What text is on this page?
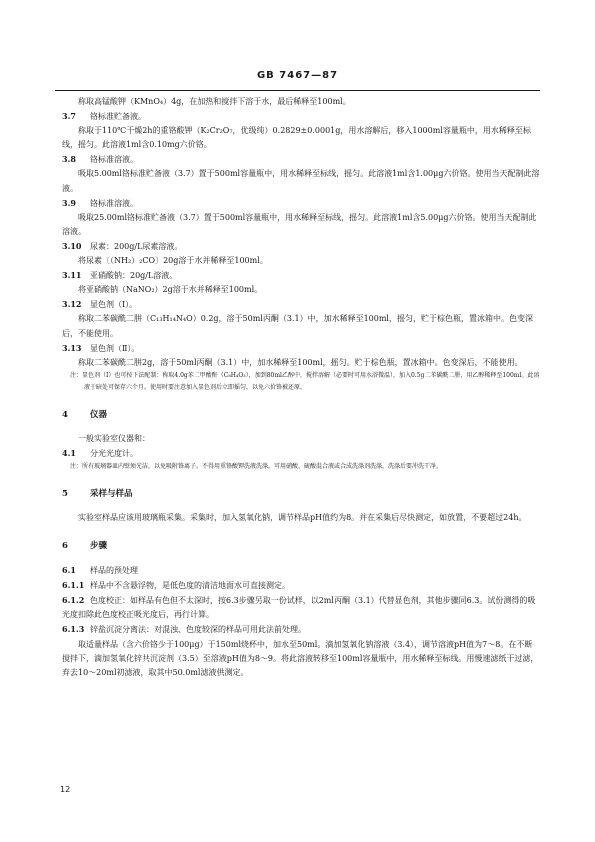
GB 7467—87

称取高锰酸钾（KMnO₄）4g，在加热和搅拌下溶于水，最后稀释至100ml。

3.7 铬标准贮备液。

称取于110℃干燥2h的重铬酸钾（K₂Cr₂O₇，优级纯）0.2829±0.0001g，用水溶解后，移入1000ml容量瓶中，用水稀释至标线，摇匀。此溶液1ml含0.10mg六价铬。

3.8 铬标准溶液。

吸取5.00ml铬标准贮备液（3.7）置于500ml容量瓶中，用水稀释至标线，摇匀。此溶液1ml含1.00μg六价铬。使用当天配制此溶液。

3.9 铬标准溶液。

吸取25.00ml铬标准贮备液（3.7）置于500ml容量瓶中，用水稀释至标线，摇匀。此溶液1ml含5.00μg六价铬。使用当天配制此溶液。

3.10 尿素：200g/L尿素溶液。

将尿素〔（NH₂）₂CO〕20g溶于水并稀释至100ml。

3.11 亚硝酸钠：20g/L溶液。

将亚硝酸钠（NaNO₂）2g溶于水并稀释至100ml。

3.12 显色剂（Ⅰ）。

称取二苯碳酰二肼（C₁₃H₁₄N₄O）0.2g，溶于50ml丙酮（3.1）中，加水稀释至100ml，摇匀，贮于棕色瓶，置冰箱中。色变深后，不能使用。

3.13 显色剂（Ⅱ）。

称取二苯碳酰二肼2g，溶于50ml丙酮（3.1）中，加水稀释至100ml，摇匀。贮于棕色瓶，置冰箱中。色变深后，不能使用。

注：显色剂（Ⅰ）也可按下法配制：称取4.0g苯二甲酸酐（C₈H₄O₃），加到80ml乙醇中，搅拌溶解（必要时可用水浴微温），加入0.5g二苯碳酰二肼，用乙醇稀释至100ml。此溶液于暗处可保存六个月。使用时要注意加入显色剂后立即摇匀，以免六价铬被还原。

4	仪器

一般实验室仪器和：

4.1 分光光度计。

注：所有玻璃器皿内壁须光洁，以免吸附铬离子。不得用重铬酸钾洗液洗涤。可用硝酸、硫酸混合液或合成洗涤剂洗涤，洗涤后要冲洗干净。

5	采样与样品

实验室样品应该用玻璃瓶采集。采集时，加入氢氧化钠，调节样品pH值约为8。并在采集后尽快测定，如放置，不要超过24h。

6	步骤

6.1 样品的预处理

6.1.1 样品中不含悬浮物，是低色度的清洁地面水可直接测定。

6.1.2 色度校正：如样品有色但不太深时，按6.3步骤另取一份试样，以2ml丙酮（3.1）代替显色剂，其他步骤同6.3。试份测得的吸光度扣除此色度校正吸光度后，再行计算。

6.1.3 锌盐沉淀分离法：对混浊、色度较深的样品可用此法前处理。

取适量样品（含六价铬少于100μg）于150ml烧杯中，加水至50ml。滴加氢氧化钠溶液（3.4），调节溶液pH值为7～8。在不断搅拌下，滴加氢氧化锌共沉淀剂（3.5）至溶液pH值为8～9。将此溶液转移至100ml容量瓶中，用水稀释至标线。用慢速滤纸干过滤，弃去10～20ml初滤液，取其中50.0ml滤液供测定。

12
